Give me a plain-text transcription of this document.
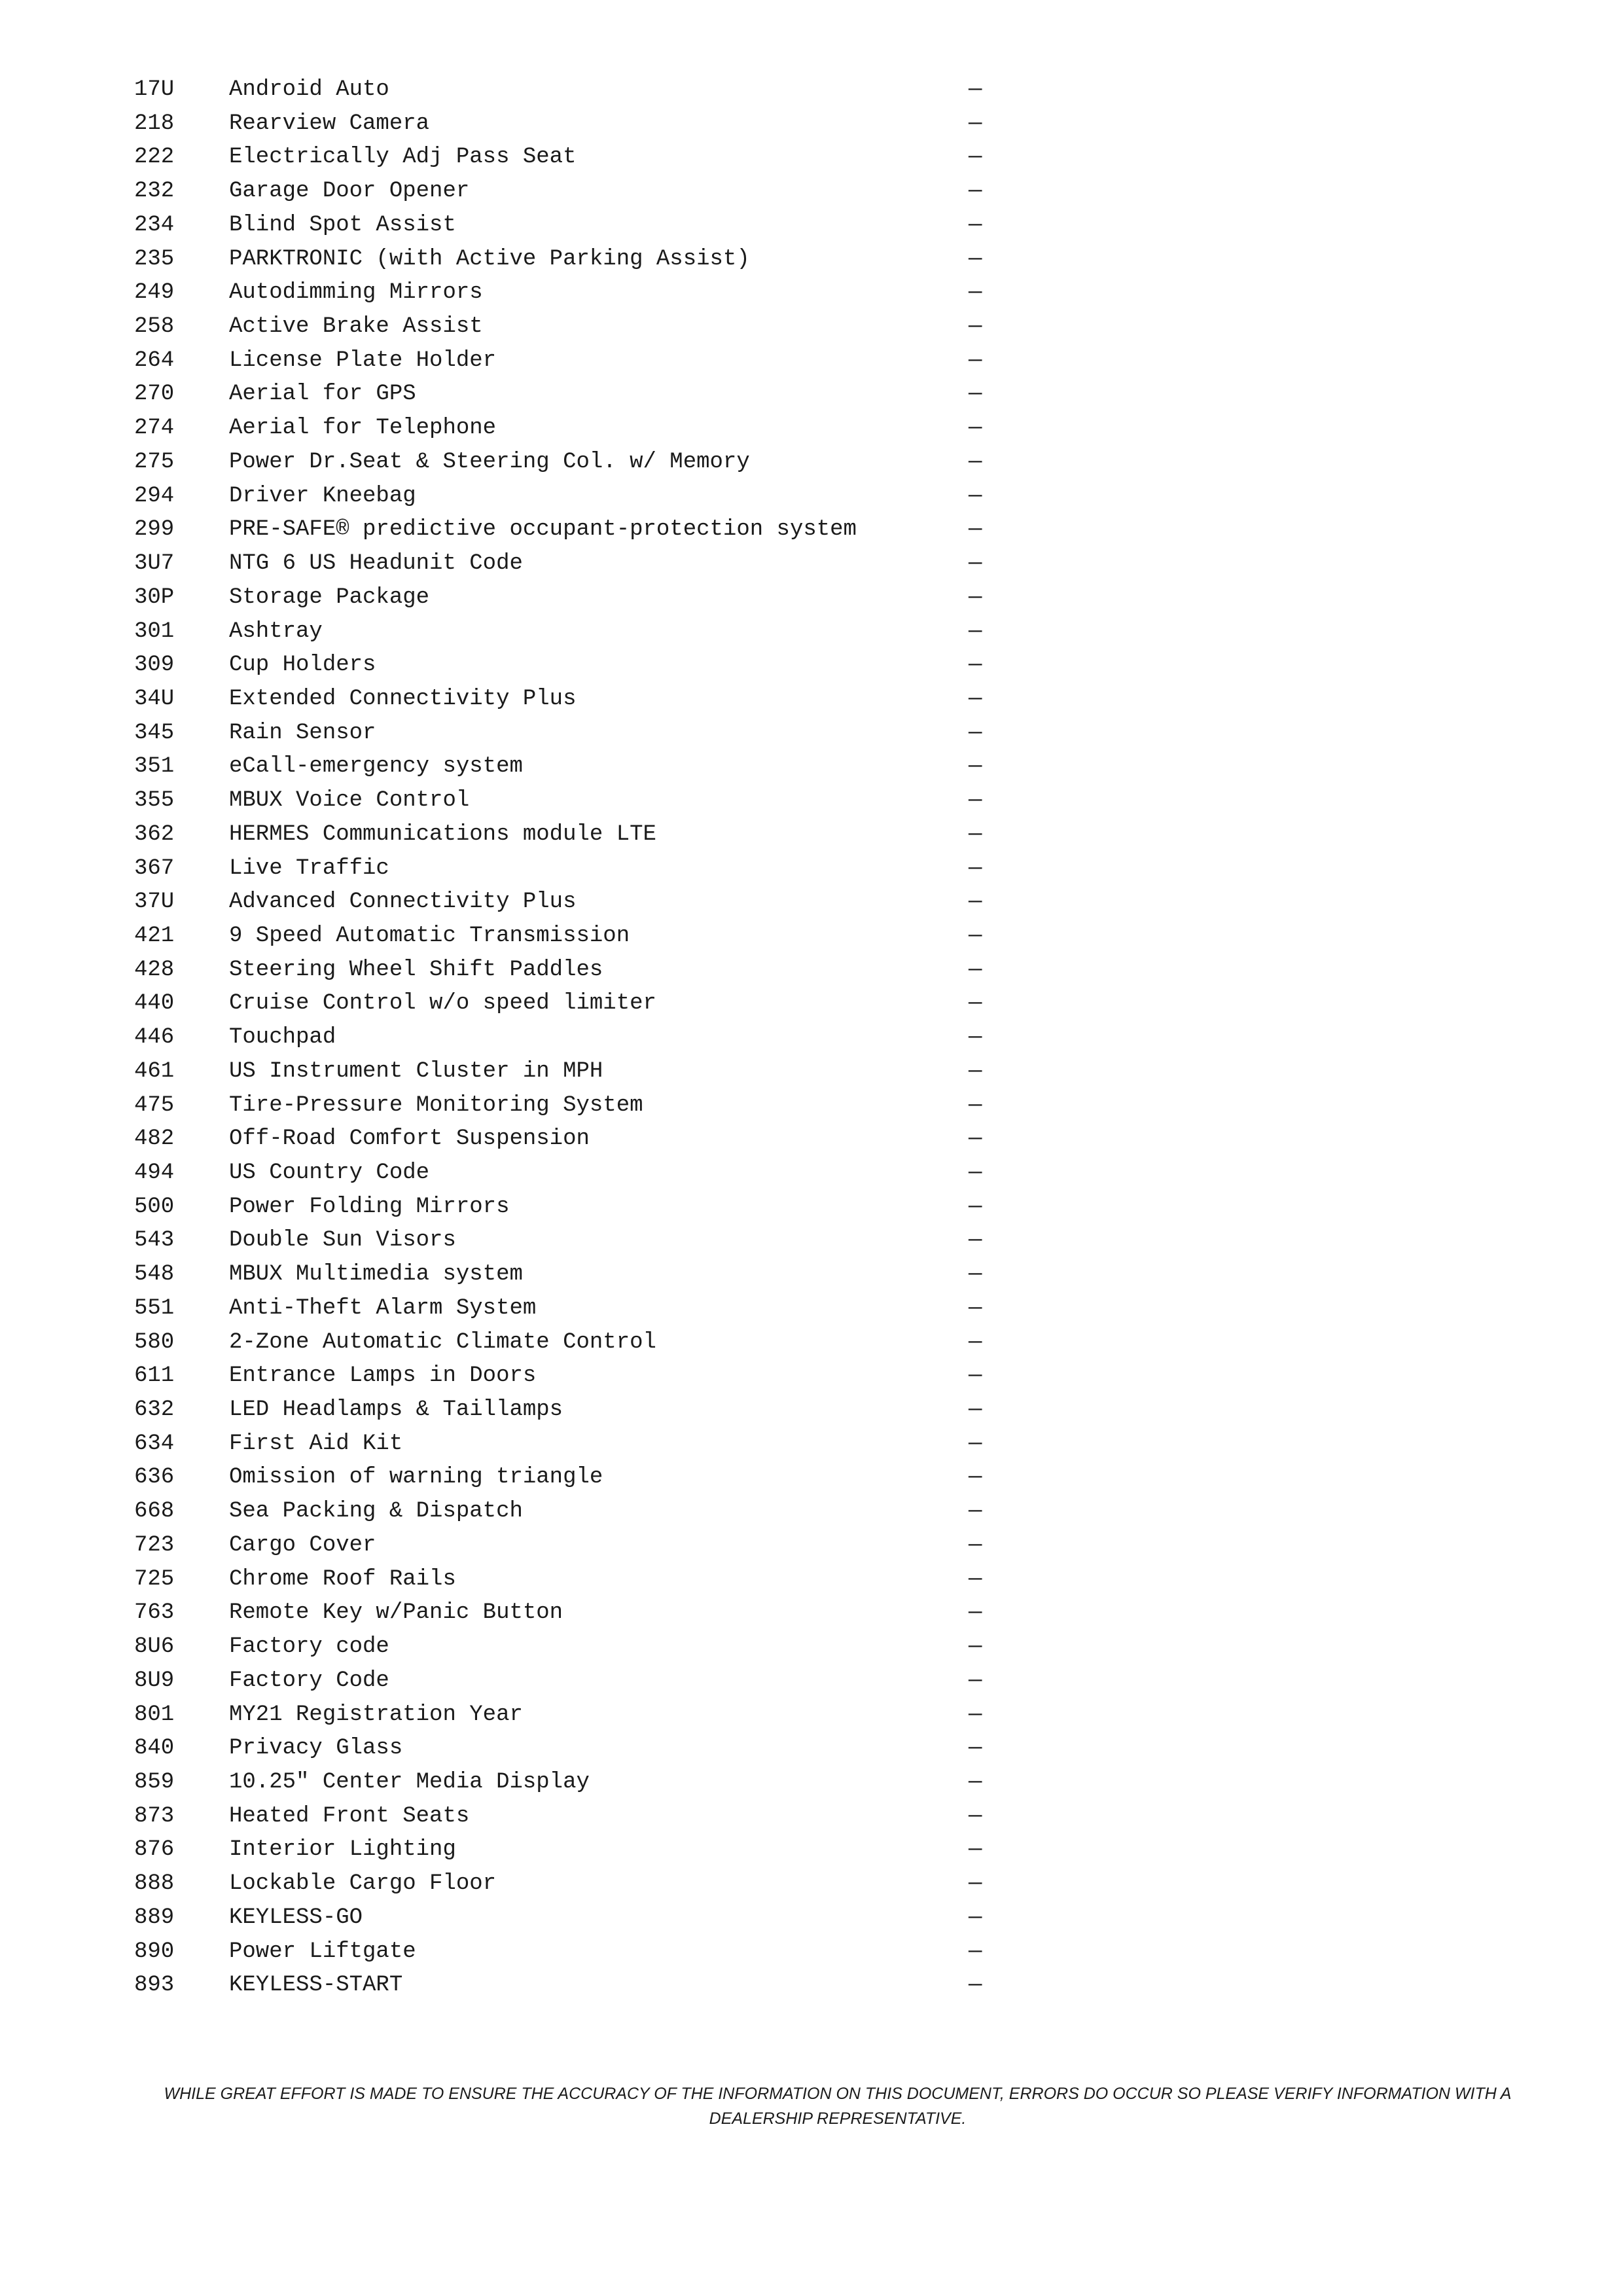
17U Android Auto	—
218 Rearview Camera	—
222 Electrically Adj Pass Seat	—
232 Garage Door Opener	—
234 Blind Spot Assist	—
235 PARKTRONIC (with Active Parking Assist)	—
249 Autodimming Mirrors	—
258 Active Brake Assist	—
264 License Plate Holder	—
270 Aerial for GPS	—
274 Aerial for Telephone	—
275 Power Dr.Seat & Steering Col. w/ Memory	—
294 Driver Kneebag	—
299 PRE-SAFE® predictive occupant-protection system	—
3U7 NTG 6 US Headunit Code	—
30P Storage Package	—
301 Ashtray	—
309 Cup Holders	—
34U Extended Connectivity Plus	—
345 Rain Sensor	—
351 eCall-emergency system	—
355 MBUX Voice Control	—
362 HERMES Communications module LTE	—
367 Live Traffic	—
37U Advanced Connectivity Plus	—
421 9 Speed Automatic Transmission	—
428 Steering Wheel Shift Paddles	—
440 Cruise Control w/o speed limiter	—
446 Touchpad	—
461 US Instrument Cluster in MPH	—
475 Tire-Pressure Monitoring System	—
482 Off-Road Comfort Suspension	—
494 US Country Code	—
500 Power Folding Mirrors	—
543 Double Sun Visors	—
548 MBUX Multimedia system	—
551 Anti-Theft Alarm System	—
580 2-Zone Automatic Climate Control	—
611 Entrance Lamps in Doors	—
632 LED Headlamps & Taillamps	—
634 First Aid Kit	—
636 Omission of warning triangle	—
668 Sea Packing & Dispatch	—
723 Cargo Cover	—
725 Chrome Roof Rails	—
763 Remote Key w/Panic Button	—
8U6 Factory code	—
8U9 Factory Code	—
801 MY21 Registration Year	—
840 Privacy Glass	—
859 10.25" Center Media Display	—
873 Heated Front Seats	—
876 Interior Lighting	—
888 Lockable Cargo Floor	—
889 KEYLESS-GO	—
890 Power Liftgate	—
893 KEYLESS-START	—
WHILE GREAT EFFORT IS MADE TO ENSURE THE ACCURACY OF THE INFORMATION ON THIS DOCUMENT, ERRORS DO OCCUR SO PLEASE VERIFY INFORMATION WITH A
DEALERSHIP REPRESENTATIVE.
